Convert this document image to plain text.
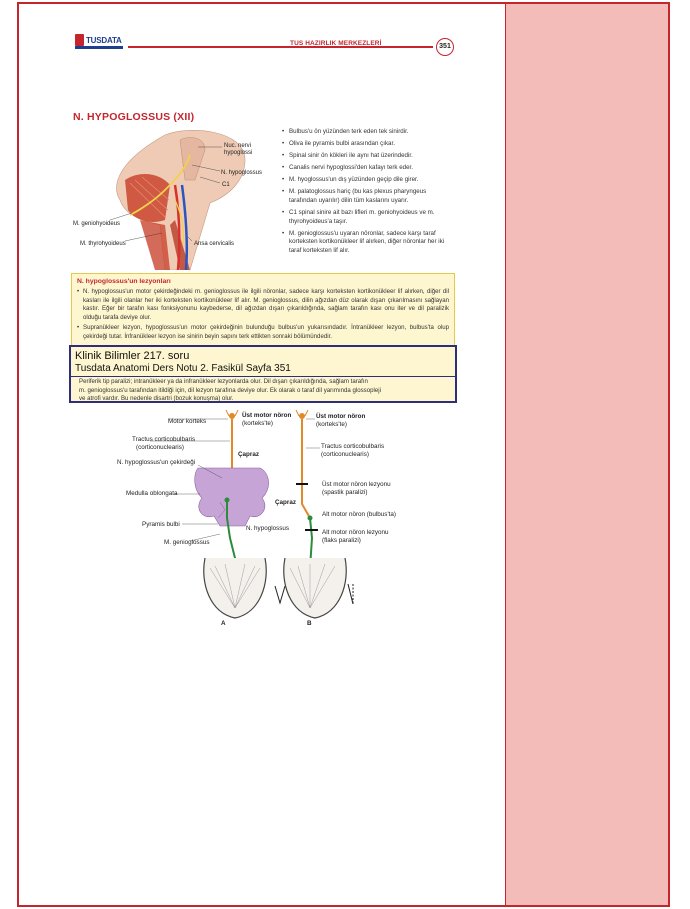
TUSDATA	TUS HAZIRLIK MERKEZLERİ	351
N. HYPOGLOSSUS (XII)
Nuc. nervi
hypoglossi
N. hypoglossus
C1
M. geniohyoideus
M. thyrohyoideus	Ansa cervicalis
• Bulbus'u ön yüzünden terk eden tek sinirdir.
• Oliva ile pyramis bulbi arasından çıkar.
• Spinal sinir ön kökleri ile aynı hat üzerindedir.
• Canalis nervi hypoglossi'den kafayı terk eder.
• M. hyoglossus'un dış yüzünden geçip dile girer.
• M. palatoglossus hariç (bu kas plexus pharyngeus tarafından uyarılır) dilin tüm kaslarını uyarır.
• C1 spinal sinire ait bazı lifleri m. geniohyoideus ve m. thyrohyoideus'a taşır.
• M. genioglossus'u uyaran nöronlar, sadece karşı taraf korteksten kortikonükleer lif alırken, diğer nöronlar her iki taraf korteksten lif alır.
N. hypoglossus'un lezyonları

• N. hypoglossus'un motor çekirdeğindeki m. genioglossus ile ilgili nöronlar, sadece karşı korteksten kortikonükleer lif alırken, diğer dil kasları ile ilgili olanlar her iki korteksten kortikonükleer lif alır. M. genioglossus, dilin ağızdan düz olarak dışarı çıkarılmasını sağlayan kastır. Eğer bir tarafın kası fonksiyonunu kaybederse, dil ağızdan dışarı çıkarıldığında, sağlam tarafın kası onu iter ve dil paralizik olduğu tarafa deviye olur.

• Supranükleer lezyon, hypoglossus'un motor çekirdeğinin bulunduğu bulbus'un yukarısındadır. İntranükleer lezyon, bulbus'ta olup çekirdeği tutar. İnfranükleer lezyon ise sinirin beyin sapını terk ettikten sonraki bölümündedir.

Klinik Bilimler 217. soru
Tusdata Anatomi Ders Notu 2. Fasikül Sayfa 351
Periferik tip paralizi; intranükleer ya da infranükleer lezyonlarda olur. Dil dışarı çıkarıldığında, sağlam tarafın
m. genioglossus'u tarafından itildiği için, dil lezyon tarafına deviye olur. Ek olarak o taraf dil yarımında glossopleji
ve atrofi vardır. Bu nedenle disartri (bozuk konuşma) olur.
Motor korteks
Üst motor nöron
(korteks'te)
Tractus corticobulbaris
(corticonuclearis)
N. hypoglossus'un çekirdeği
Çapraz
Medulla oblongata
Pyramis bulbi
N. hypoglossus
M. genioglossus
A
Üst motor nöron
(korteks'te)
Tractus corticobulbaris
(corticonuclearis)
Üst motor nöron lezyonu
(spastik paralizi)
Çapraz
Alt motor nöron (bulbus'ta)
Alt motor nöron lezyonu
(flaks paralizi)
B
